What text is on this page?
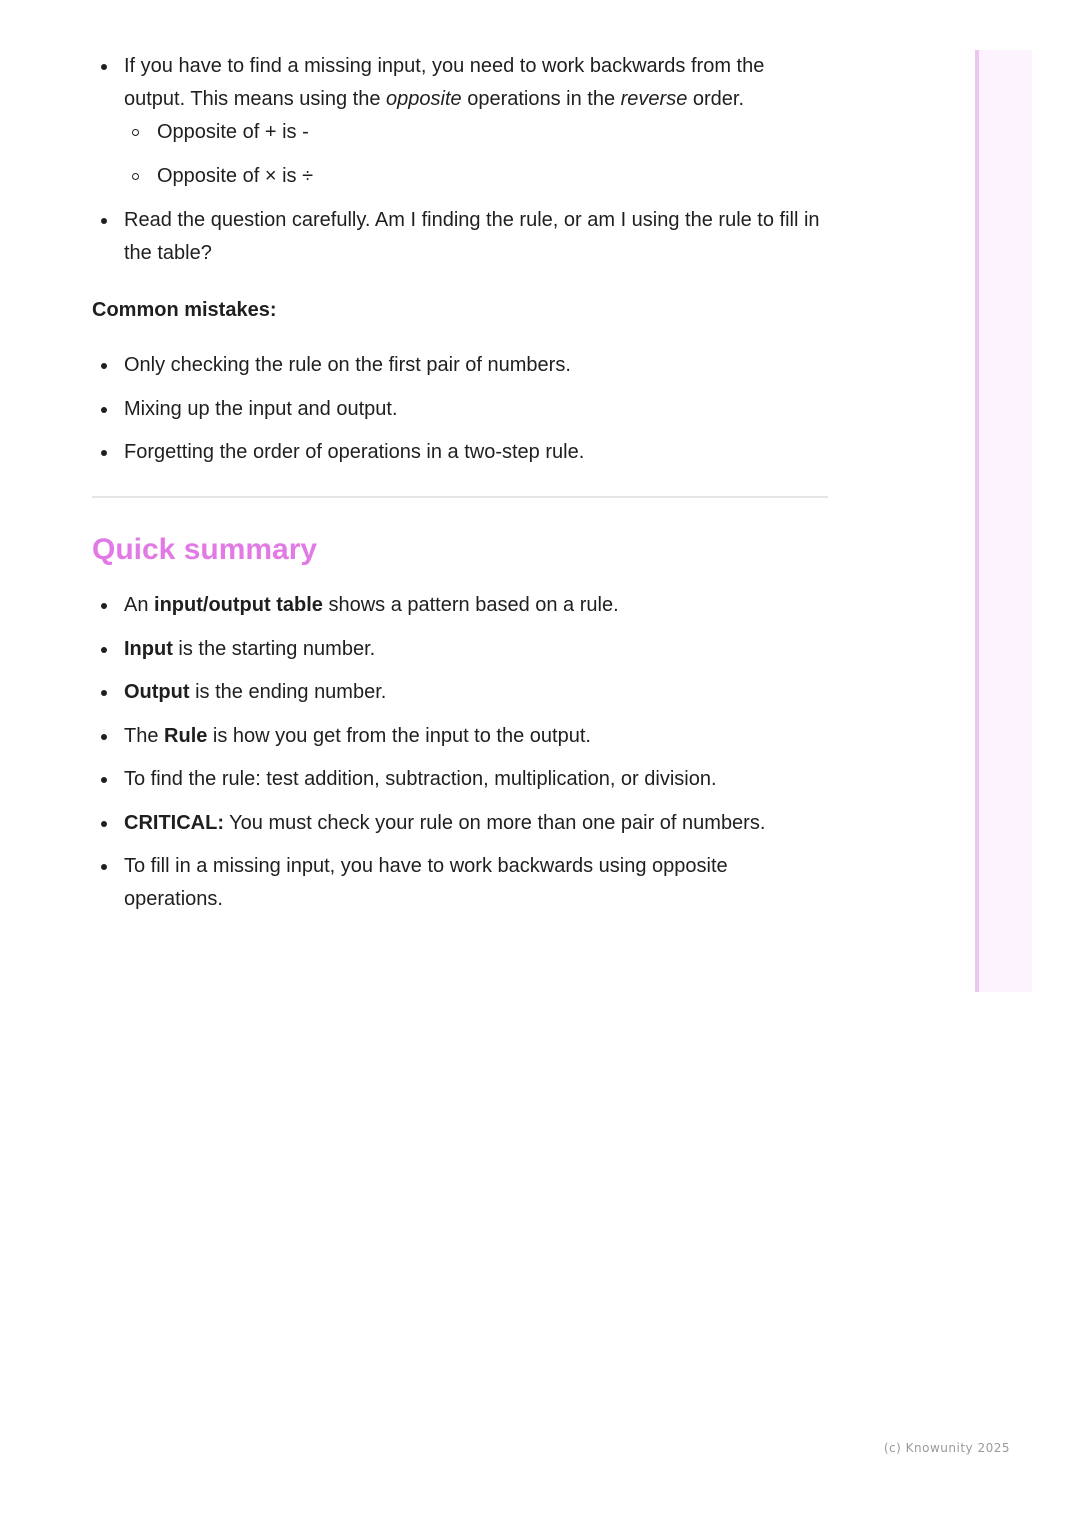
If you have to find a missing input, you need to work backwards from the output. This means using the opposite operations in the reverse order.
Opposite of + is -
Opposite of × is ÷
Read the question carefully. Am I finding the rule, or am I using the rule to fill in the table?
Common mistakes:
Only checking the rule on the first pair of numbers.
Mixing up the input and output.
Forgetting the order of operations in a two-step rule.
Quick summary
An input/output table shows a pattern based on a rule.
Input is the starting number.
Output is the ending number.
The Rule is how you get from the input to the output.
To find the rule: test addition, subtraction, multiplication, or division.
CRITICAL: You must check your rule on more than one pair of numbers.
To fill in a missing input, you have to work backwards using opposite operations.
(c) Knowunity 2025
